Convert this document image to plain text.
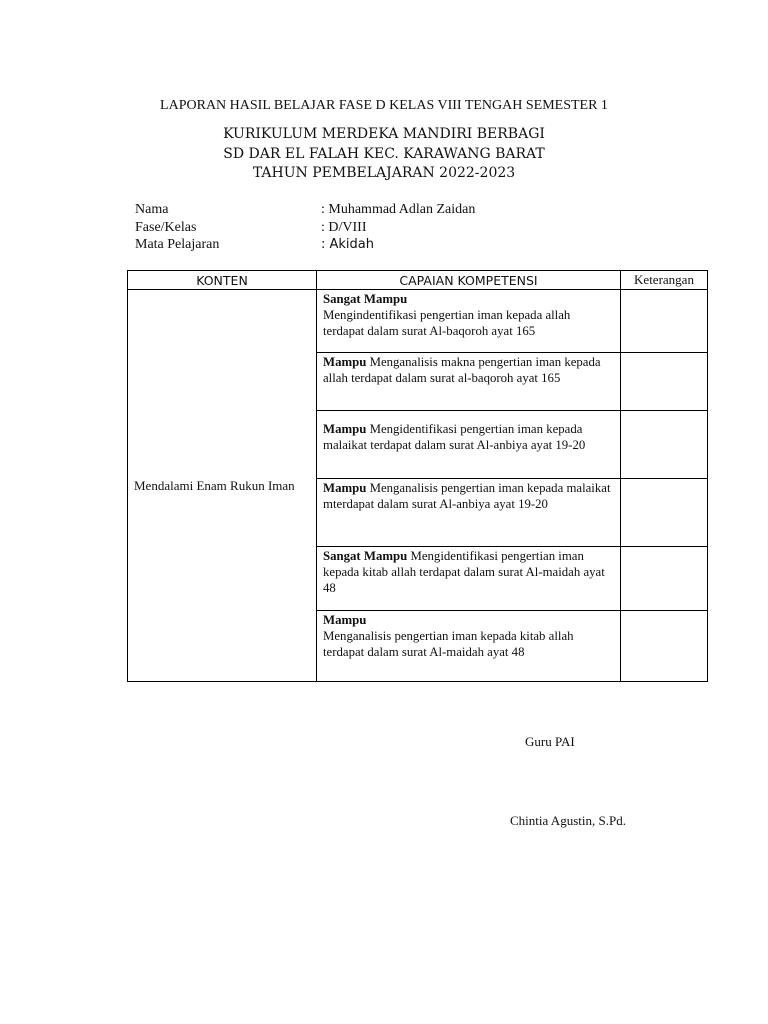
LAPORAN HASIL BELAJAR FASE D KELAS VIII TENGAH SEMESTER 1
KURIKULUM MERDEKA MANDIRI BERBAGI
SD DAR EL FALAH KEC. KARAWANG BARAT
TAHUN PEMBELAJARAN 2022-2023
Nama	: Muhammad Adlan Zaidan
Fase/Kelas	: D/VIII
Mata Pelajaran	: Akidah
KONTEN	CAPAIAN KOMPETENSI	Keterangan
Mendalami Enam Rukun Iman	Sangat Mampu
Mengindentifikasi pengertian iman kepada allah terdapat dalam surat Al-baqoroh ayat 165	
	Mampu Menganalisis makna pengertian iman kepada allah terdapat dalam surat al-baqoroh ayat 165	
	Mampu Mengidentifikasi pengertian iman kepada malaikat terdapat dalam surat Al-anbiya ayat 19-20	
	Mampu Menganalisis pengertian iman kepada malaikat mterdapat dalam surat Al-anbiya ayat 19-20	
	Sangat Mampu Mengidentifikasi pengertian iman kepada kitab allah terdapat dalam surat Al-maidah ayat 48	
	Mampu
Menganalisis pengertian iman kepada kitab allah terdapat dalam surat Al-maidah ayat 48	
Guru PAI
Chintia Agustin, S.Pd.
